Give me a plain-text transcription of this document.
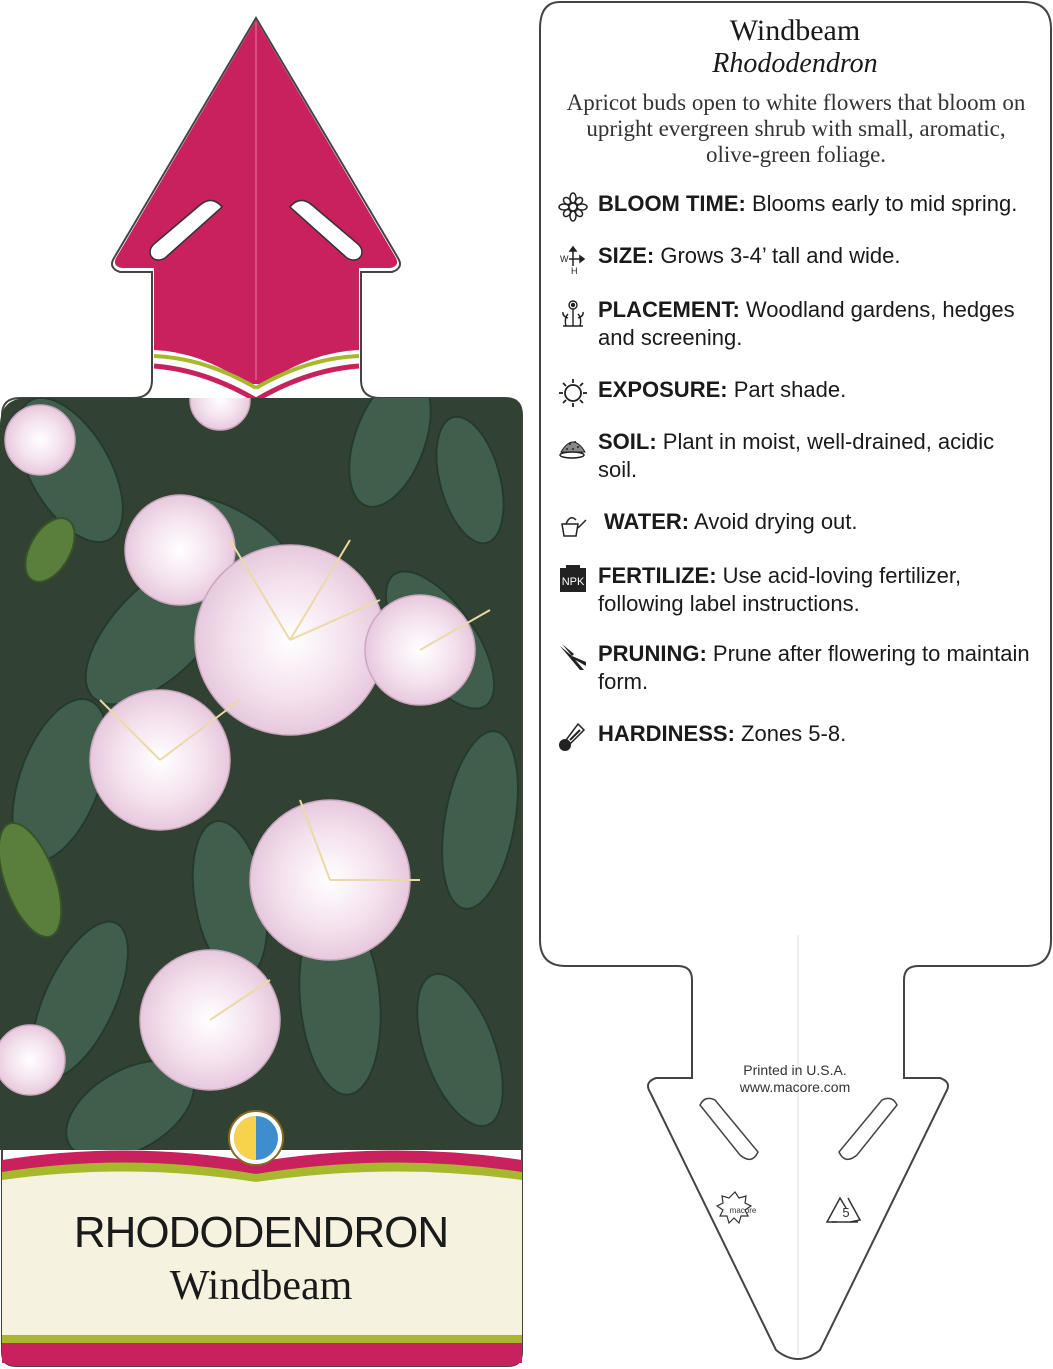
RHODODENDRON
Windbeam
Windbeam
Rhododendron
Apricot buds open to white flowers that bloom on upright evergreen shrub with small, aromatic, olive-green foliage.
BLOOM TIME: Blooms early to mid spring.
W
H
SIZE: Grows 3-4’ tall and wide.
PLACEMENT: Woodland gardens, hedges and screening.
EXPOSURE: Part shade.
SOIL: Plant in moist, well-drained, acidic soil.
WATER: Avoid drying out.
NPK FERTILIZE: Use acid-loving fertilizer, following label instructions.
PRUNING: Prune after flowering to maintain form.
HARDINESS: Zones 5-8.
Printed in U.S.A.
www.macore.com
macore	5
